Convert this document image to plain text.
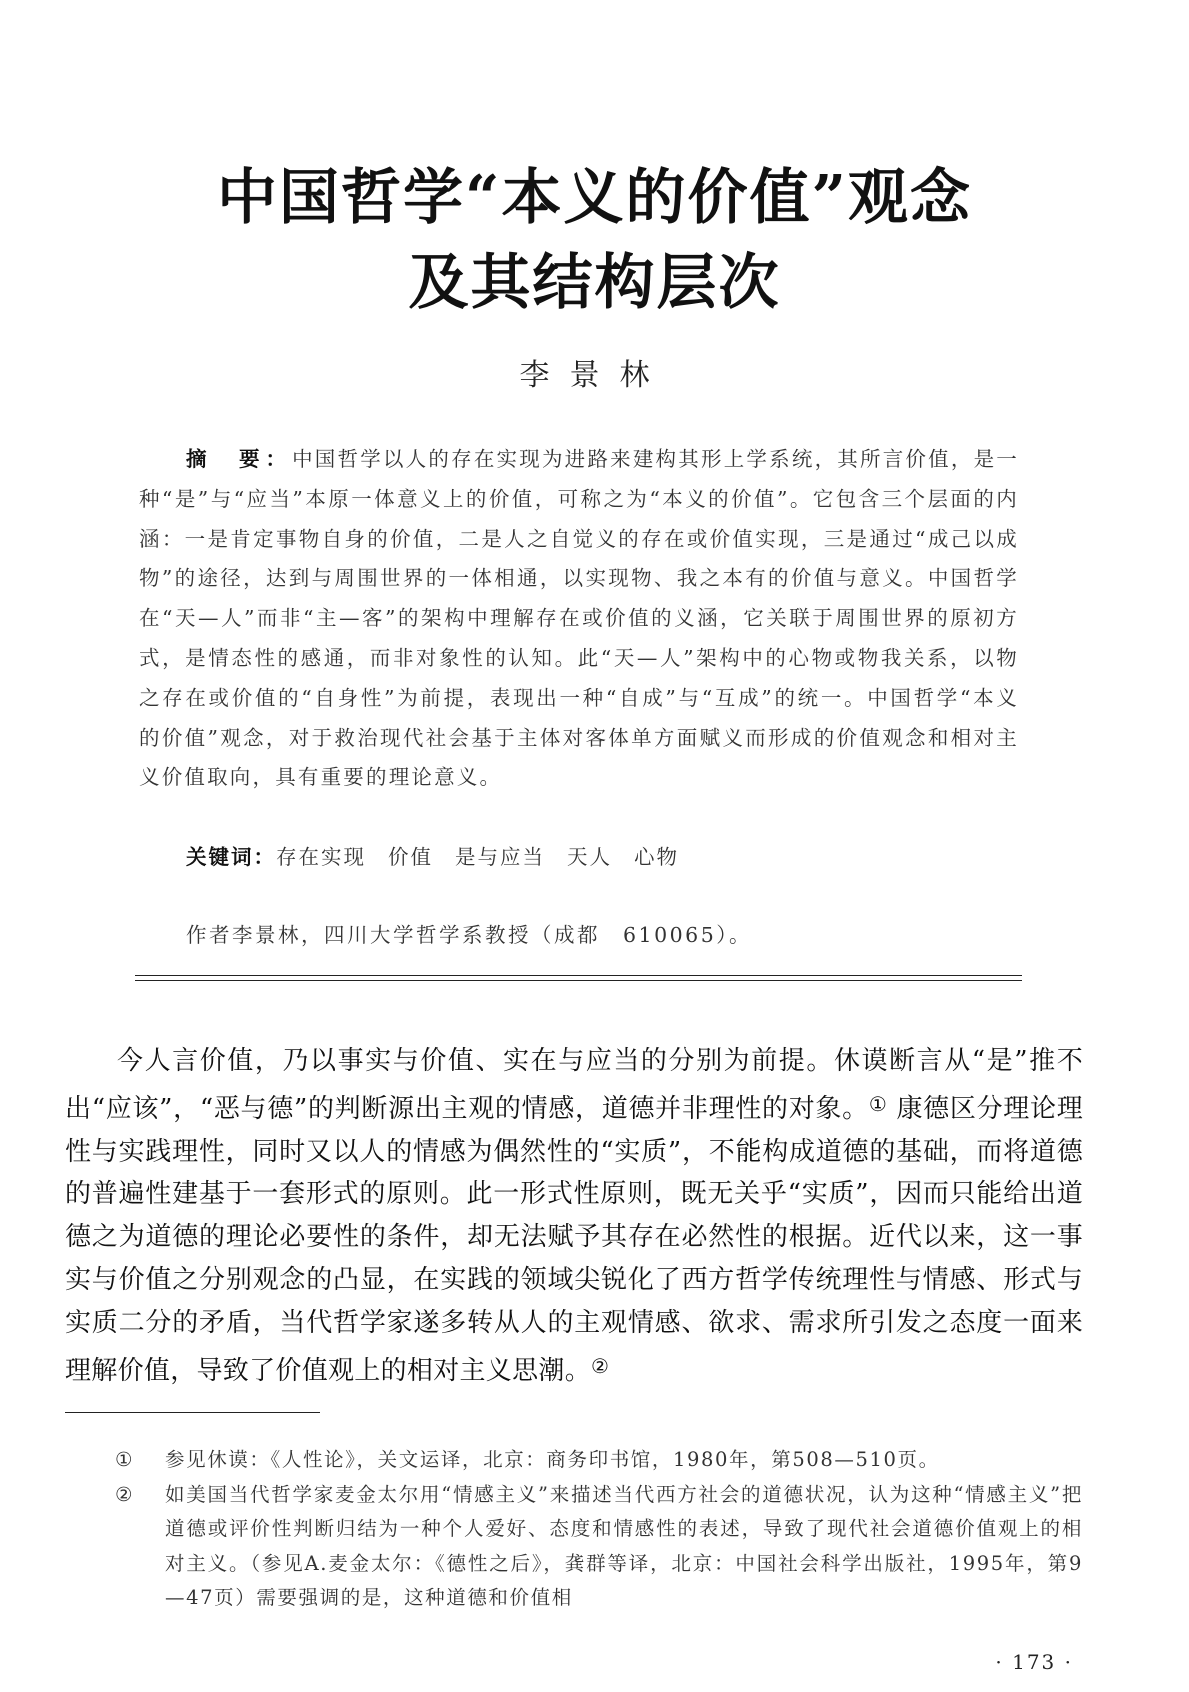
中国哲学“本义的价值”观念
及其结构层次
李景林
摘　要：中国哲学以人的存在实现为进路来建构其形上学系统，其所言价值，是一种“是”与“应当”本原一体意义上的价值，可称之为“本义的价值”。它包含三个层面的内涵：一是肯定事物自身的价值，二是人之自觉义的存在或价值实现，三是通过“成己以成物”的途径，达到与周围世界的一体相通，以实现物、我之本有的价值与意义。中国哲学在“天—人”而非“主—客”的架构中理解存在或价值的义涵，它关联于周围世界的原初方式，是情态性的感通，而非对象性的认知。此“天—人”架构中的心物或物我关系，以物之存在或价值的“自身性”为前提，表现出一种“自成”与“互成”的统一。中国哲学“本义的价值”观念，对于救治现代社会基于主体对客体单方面赋义而形成的价值观念和相对主义价值取向，具有重要的理论意义。
关键词：存在实现 价值 是与应当 天人 心物
作者李景林，四川大学哲学系教授（成都　610065）。
今人言价值，乃以事实与价值、实在与应当的分别为前提。休谟断言从“是”推不出“应该”，“恶与德”的判断源出主观的情感，道德并非理性的对象。① 康德区分理论理性与实践理性，同时又以人的情感为偶然性的“实质”，不能构成道德的基础，而将道德的普遍性建基于一套形式的原则。此一形式性原则，既无关乎“实质”，因而只能给出道德之为道德的理论必要性的条件，却无法赋予其存在必然性的根据。近代以来，这一事实与价值之分别观念的凸显，在实践的领域尖锐化了西方哲学传统理性与情感、形式与实质二分的矛盾，当代哲学家遂多转从人的主观情感、欲求、需求所引发之态度一面来理解价值，导致了价值观上的相对主义思潮。②
①	参见休谟：《人性论》，关文运译，北京：商务印书馆，1980年，第508—510页。
②	如美国当代哲学家麦金太尔用“情感主义”来描述当代西方社会的道德状况，认为这种“情感主义”把道德或评价性判断归结为一种个人爱好、态度和情感性的表述，导致了现代社会道德价值观上的相对主义。（参见A.麦金太尔：《德性之后》，龚群等译，北京：中国社会科学出版社，1995年，第9—47页）需要强调的是，这种道德和价值相
· 173 ·
